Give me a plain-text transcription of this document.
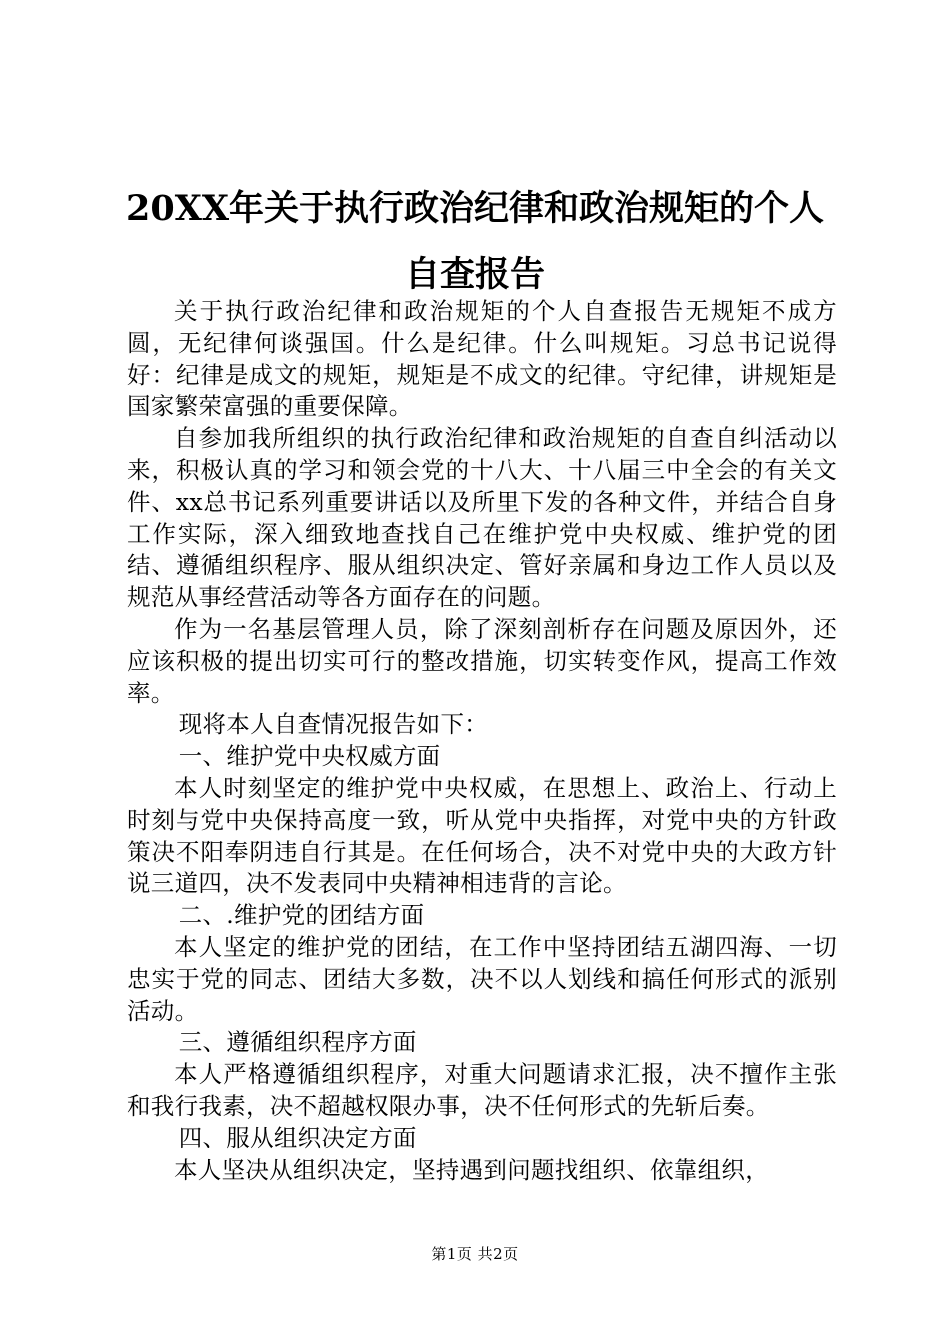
20XX年关于执行政治纪律和政治规矩的个人
自查报告

关于执行政治纪律和政治规矩的个人自查报告无规矩不成方圆，无纪律何谈强国。什么是纪律。什么叫规矩。习总书记说得好：纪律是成文的规矩，规矩是不成文的纪律。守纪律，讲规矩是国家繁荣富强的重要保障。

自参加我所组织的执行政治纪律和政治规矩的自查自纠活动以来，积极认真的学习和领会党的十八大、十八届三中全会的有关文件、xx总书记系列重要讲话以及所里下发的各种文件，并结合自身工作实际，深入细致地查找自己在维护党中央权威、维护党的团结、遵循组织程序、服从组织决定、管好亲属和身边工作人员以及规范从事经营活动等各方面存在的问题。

作为一名基层管理人员，除了深刻剖析存在问题及原因外，还应该积极的提出切实可行的整改措施，切实转变作风，提高工作效率。

现将本人自查情况报告如下：

一、维护党中央权威方面

本人时刻坚定的维护党中央权威，在思想上、政治上、行动上时刻与党中央保持高度一致，听从党中央指挥，对党中央的方针政策决不阳奉阴违自行其是。在任何场合，决不对党中央的大政方针说三道四，决不发表同中央精神相违背的言论。

二、.维护党的团结方面

本人坚定的维护党的团结，在工作中坚持团结五湖四海、一切忠实于党的同志、团结大多数，决不以人划线和搞任何形式的派别活动。

三、遵循组织程序方面

本人严格遵循组织程序，对重大问题请求汇报，决不擅作主张和我行我素，决不超越权限办事，决不任何形式的先斩后奏。

四、服从组织决定方面

本人坚决从组织决定，坚持遇到问题找组织、依靠组织，

第1页 共2页
